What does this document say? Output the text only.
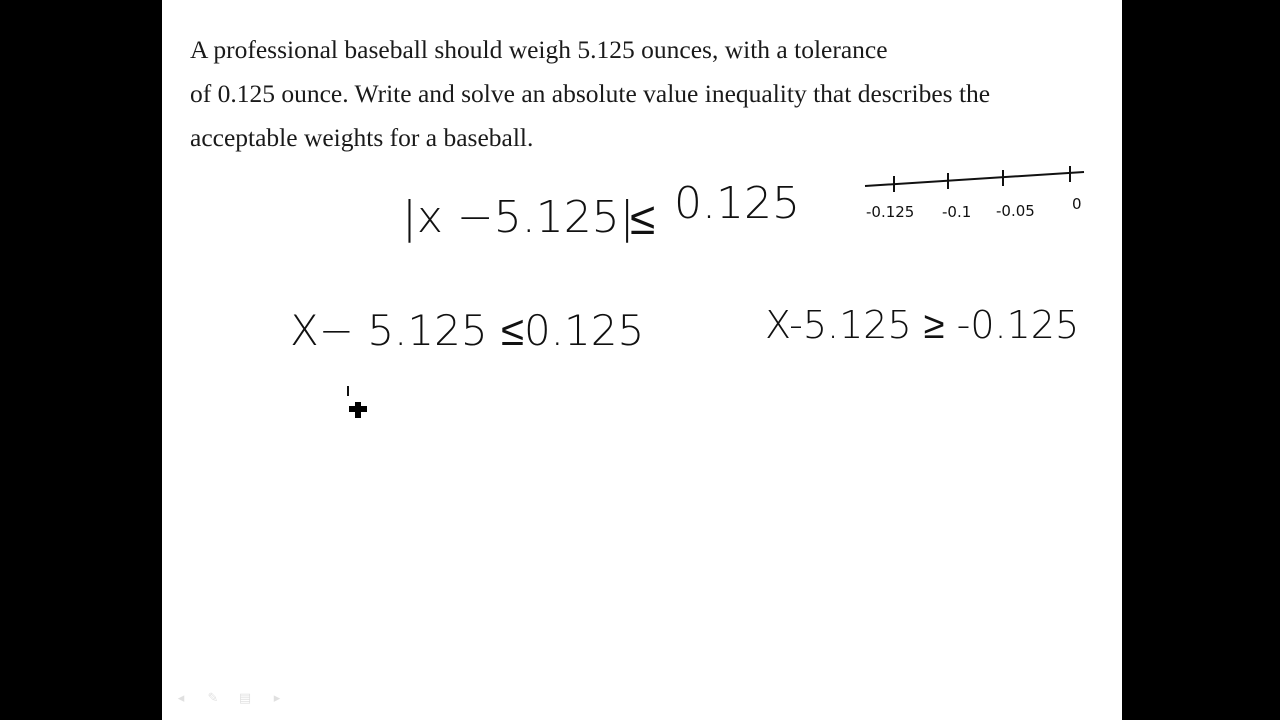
A professional baseball should weigh 5.125 ounces, with a tolerance
of 0.125 ounce. Write and solve an absolute value inequality that describes the
acceptable weights for a baseball.

|x −5.125|
≤ 0.125	-0.125 -0.1 -0.05 0
X− 5.125 ≤0.125	X-5.125 ≥ -0.125
◂	✎ ▤	▸
